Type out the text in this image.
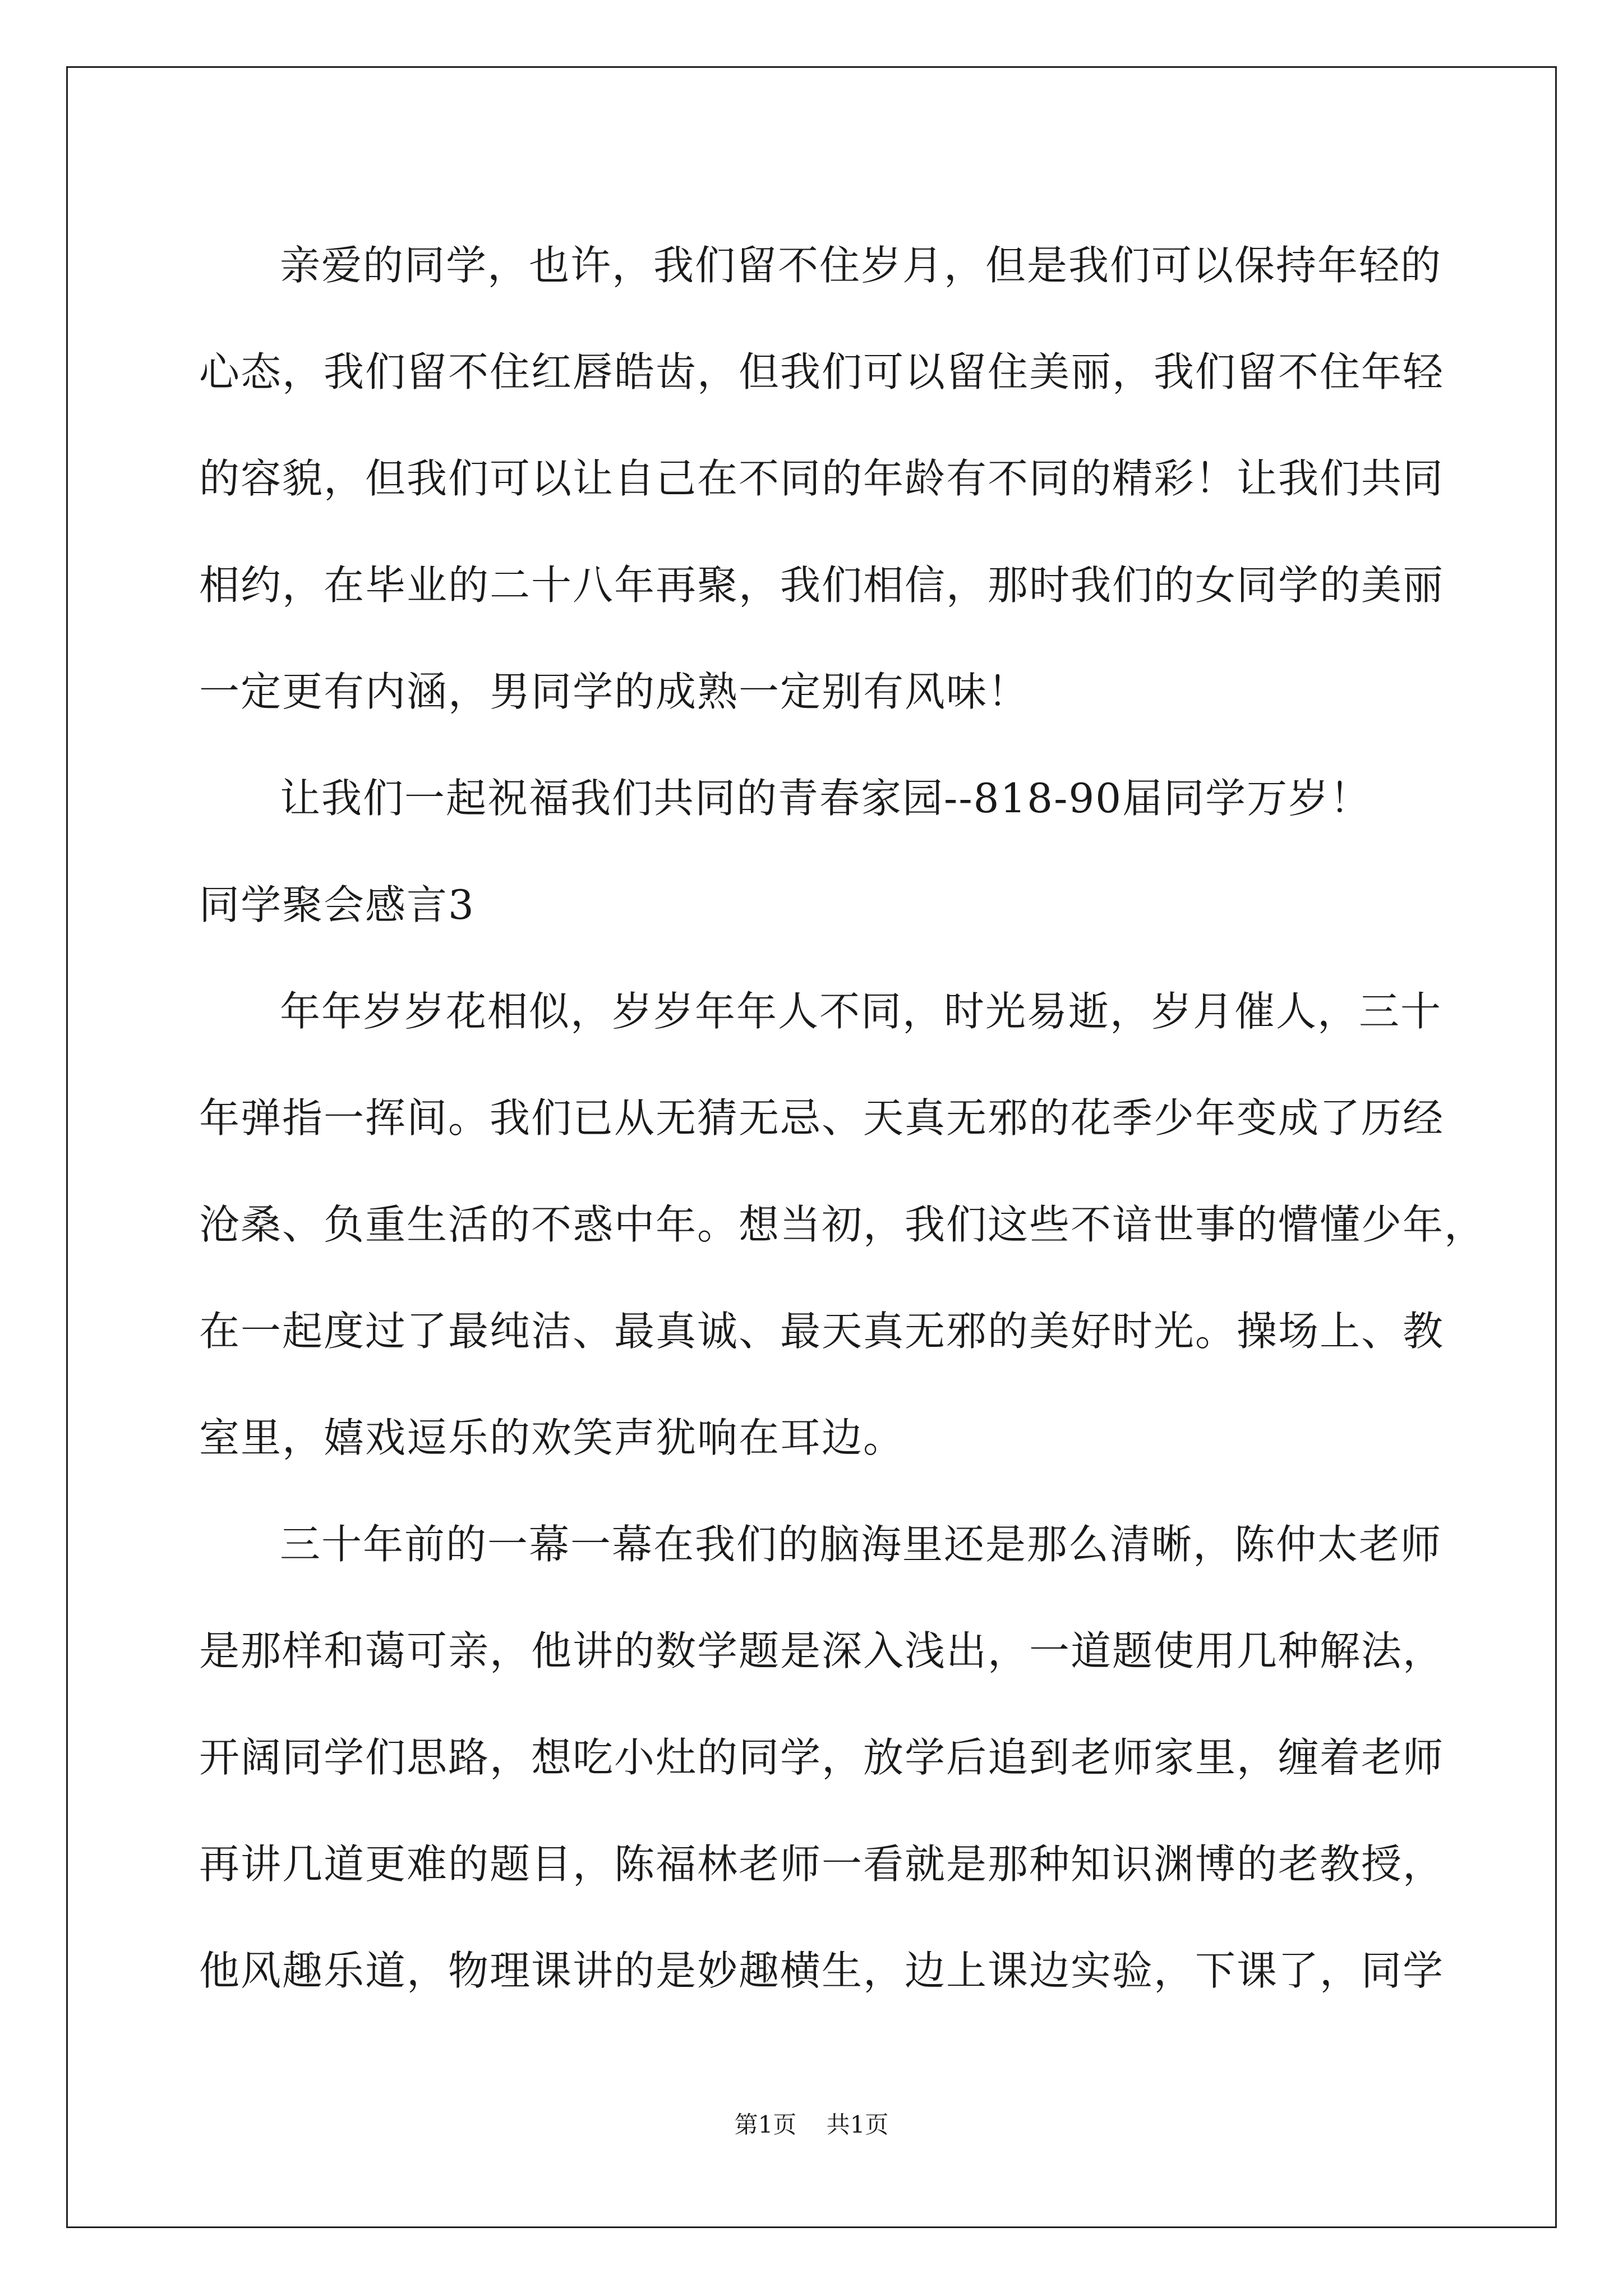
亲爱的同学，也许，我们留不住岁月，但是我们可以保持年轻的
心态，我们留不住红唇皓齿，但我们可以留住美丽，我们留不住年轻
的容貌，但我们可以让自己在不同的年龄有不同的精彩！让我们共同
相约，在毕业的二十八年再聚，我们相信，那时我们的女同学的美丽
一定更有内涵，男同学的成熟一定别有风味！
让我们一起祝福我们共同的青春家园--818-90届同学万岁！
同学聚会感言3
年年岁岁花相似，岁岁年年人不同，时光易逝，岁月催人，三十
年弹指一挥间。我们已从无猜无忌、天真无邪的花季少年变成了历经
沧桑、负重生活的不惑中年。想当初，我们这些不谙世事的懵懂少年，
在一起度过了最纯洁、最真诚、最天真无邪的美好时光。操场上、教
室里，嬉戏逗乐的欢笑声犹响在耳边。
三十年前的一幕一幕在我们的脑海里还是那么清晰，陈仲太老师
是那样和蔼可亲，他讲的数学题是深入浅出，一道题使用几种解法，
开阔同学们思路，想吃小灶的同学，放学后追到老师家里，缠着老师
再讲几道更难的题目，陈福林老师一看就是那种知识渊博的老教授，
他风趣乐道，物理课讲的是妙趣横生，边上课边实验，下课了，同学
第1页 共1页
